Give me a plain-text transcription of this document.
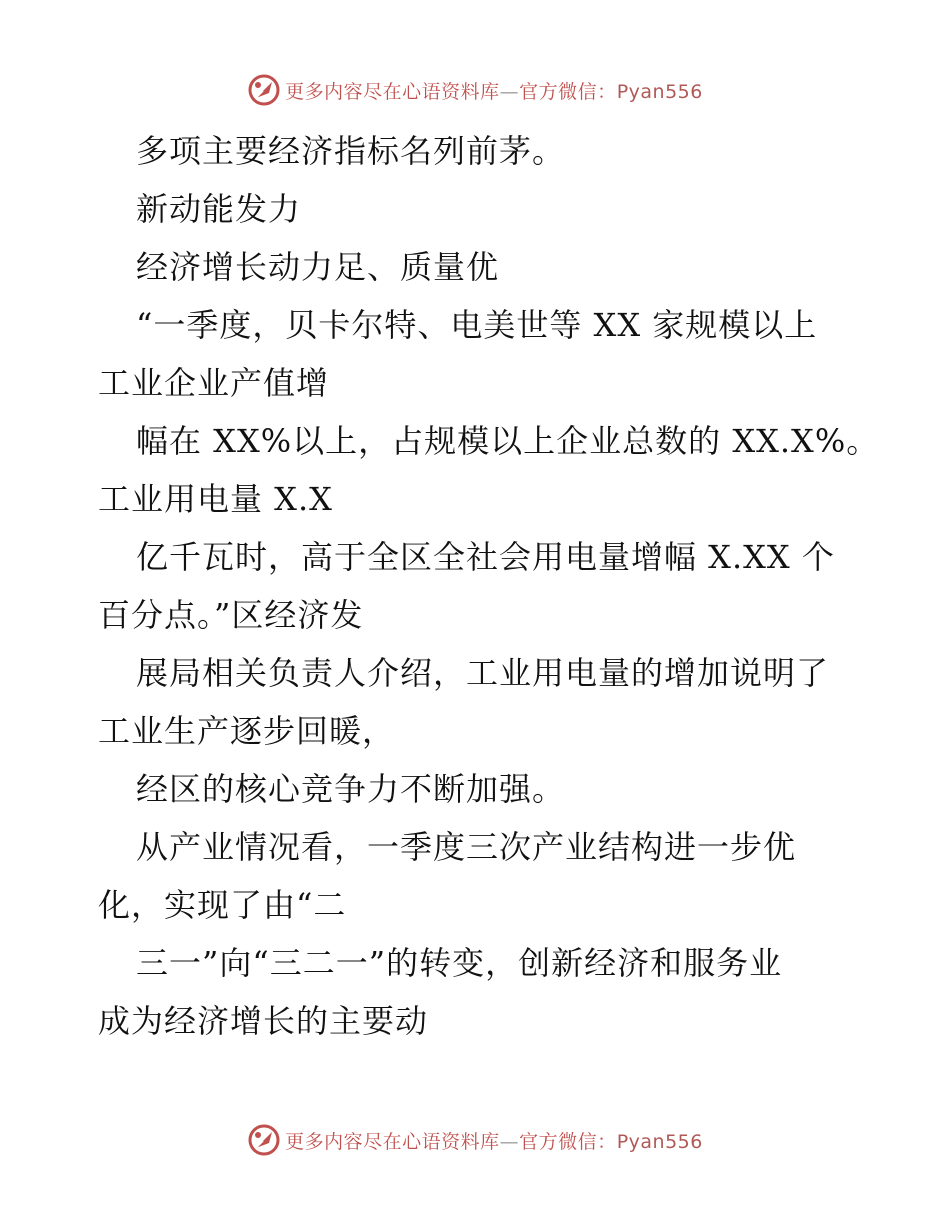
更多内容尽在心语资料库—官方微信：Pyan556
多项主要经济指标名列前茅。
新动能发力
经济增长动力足、质量优
“一季度，贝卡尔特、电美世等 XX 家规模以上
工业企业产值增
幅在 XX%以上，占规模以上企业总数的 XX.X%。
工业用电量 X.X
亿千瓦时，高于全区全社会用电量增幅 X.XX 个
百分点。”区经济发
展局相关负责人介绍，工业用电量的增加说明了
工业生产逐步回暖，
经区的核心竞争力不断加强。
从产业情况看，一季度三次产业结构进一步优
化，实现了由“二
三一”向“三二一”的转变，创新经济和服务业
成为经济增长的主要动
更多内容尽在心语资料库—官方微信：Pyan556
